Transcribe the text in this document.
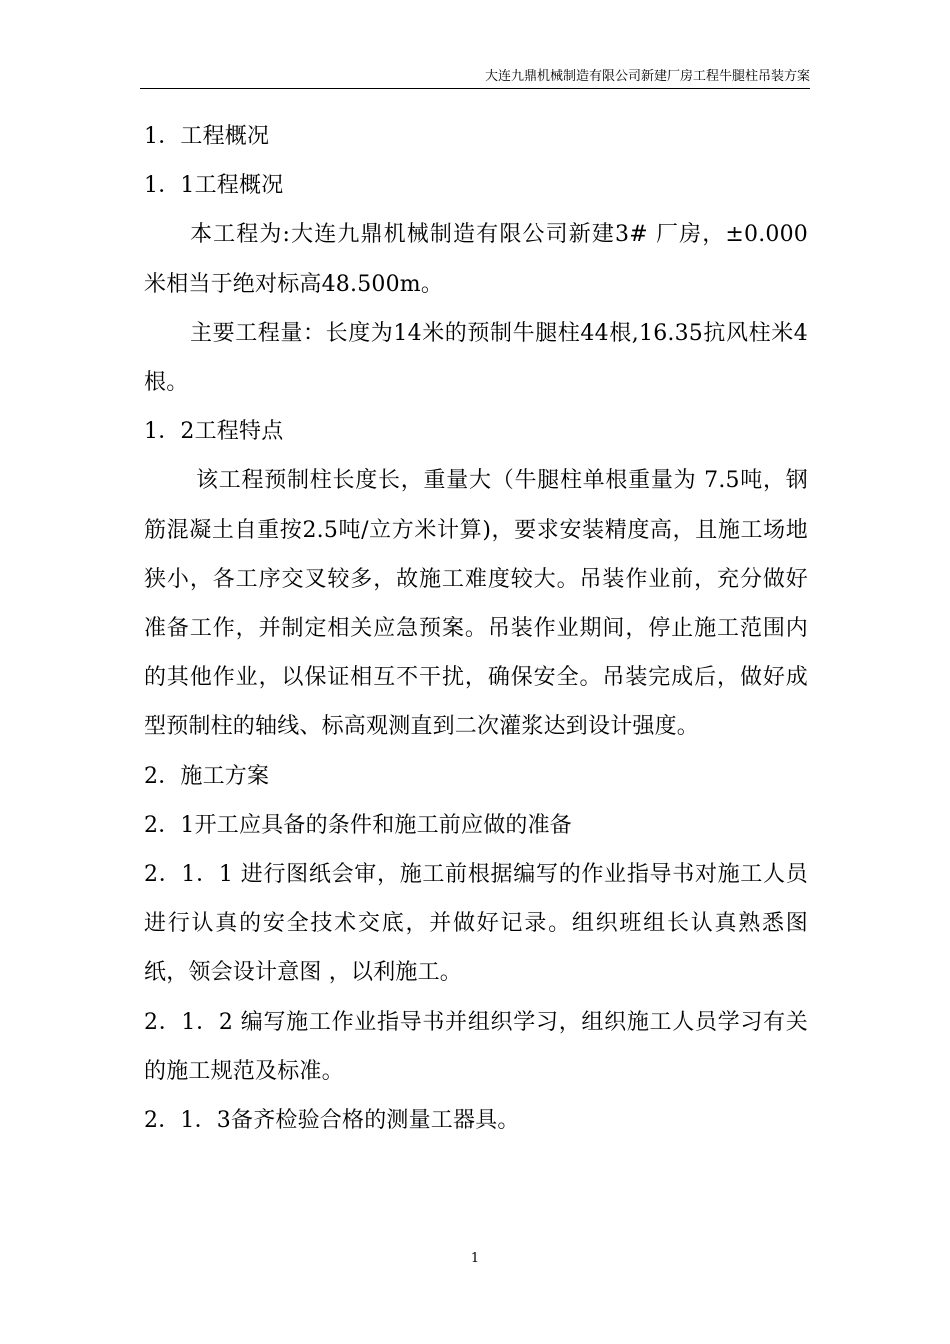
大连九鼎机械制造有限公司新建厂房工程牛腿柱吊装方案

1．工程概况

1．1工程概况

本工程为:大连九鼎机械制造有限公司新建3# 厂房，±0.000米相当于绝对标高48.500m。

主要工程量：长度为14米的预制牛腿柱44根,16.35抗风柱米4根。

1．2工程特点

该工程预制柱长度长，重量大（牛腿柱单根重量为 7.5吨，钢筋混凝土自重按2.5吨/立方米计算)，要求安装精度高，且施工场地狭小，各工序交叉较多，故施工难度较大。吊装作业前，充分做好准备工作，并制定相关应急预案。吊装作业期间，停止施工范围内的其他作业，以保证相互不干扰，确保安全。吊装完成后，做好成型预制柱的轴线、标高观测直到二次灌浆达到设计强度。

2．施工方案

2．1开工应具备的条件和施工前应做的准备

2．1．1 进行图纸会审，施工前根据编写的作业指导书对施工人员进行认真的安全技术交底，并做好记录。组织班组长认真熟悉图纸，领会设计意图 ，以利施工。

2．1．2 编写施工作业指导书并组织学习，组织施工人员学习有关的施工规范及标准。

2．1．3备齐检验合格的测量工器具。

1
